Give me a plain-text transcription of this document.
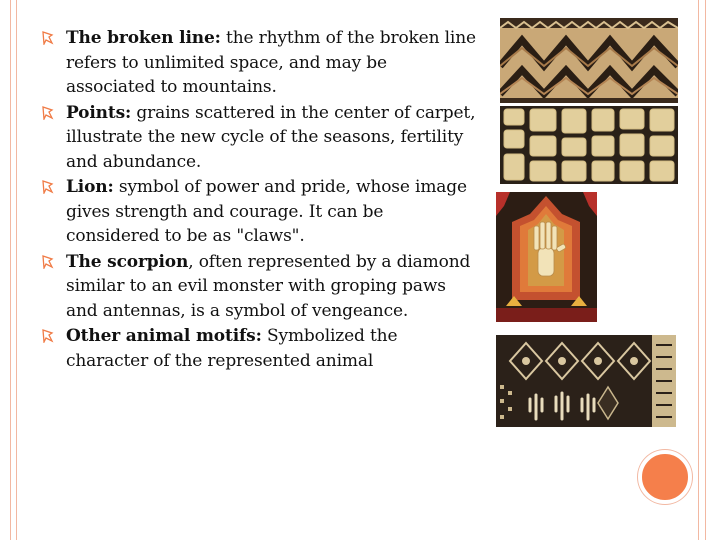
The broken line: the rhythm of the broken line refers to unlimited space, and may be associated to mountains.
Points: grains scattered in the center of carpet, illustrate the new cycle of the seasons, fertility and abundance.
Lion: symbol of power and pride, whose image gives strength and courage. It can be considered to be as "claws".
The scorpion, often represented by a diamond similar to an evil monster with groping paws and antennas, is a symbol of vengeance.
Other animal motifs: Symbolized the character of the represented animal
